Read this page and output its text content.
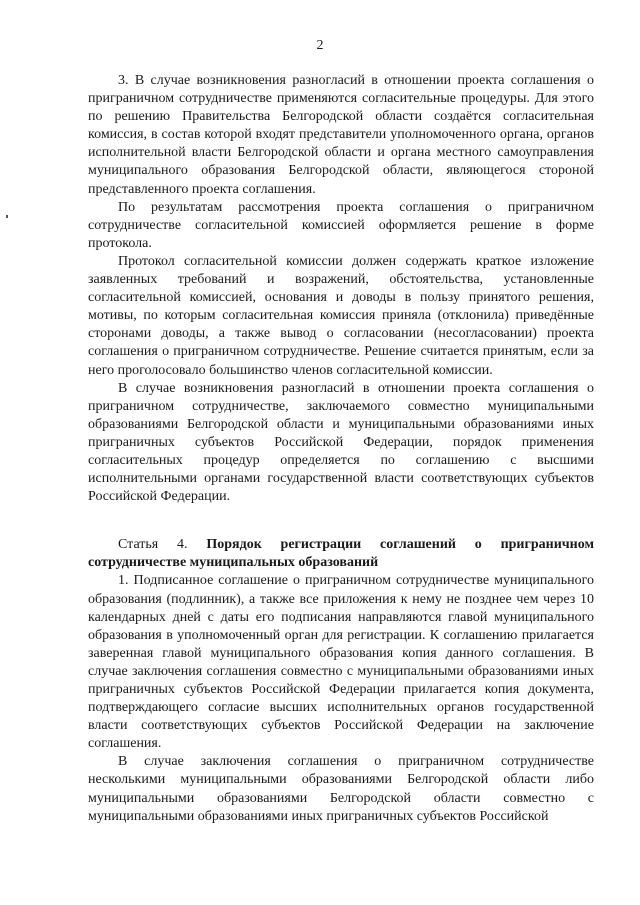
2

3. В случае возникновения разногласий в отношении проекта соглашения о приграничном сотрудничестве применяются согласительные процедуры. Для этого по решению Правительства Белгородской области создаётся согласительная комиссия, в состав которой входят представители уполномоченного органа, органов исполнительной власти Белгородской области и органа местного самоуправления муниципального образования Белгородской области, являющегося стороной представленного проекта соглашения.

По результатам рассмотрения проекта соглашения о приграничном сотрудничестве согласительной комиссией оформляется решение в форме протокола.

Протокол согласительной комиссии должен содержать краткое изложение заявленных требований и возражений, обстоятельства, установленные согласительной комиссией, основания и доводы в пользу принятого решения, мотивы, по которым согласительная комиссия приняла (отклонила) приведённые сторонами доводы, а также вывод о согласовании (несогласовании) проекта соглашения о приграничном сотрудничестве. Решение считается принятым, если за него проголосовало большинство членов согласительной комиссии.

В случае возникновения разногласий в отношении проекта соглашения о приграничном сотрудничестве, заключаемого совместно муниципальными образованиями Белгородской области и муниципальными образованиями иных приграничных субъектов Российской Федерации, порядок применения согласительных процедур определяется по соглашению с высшими исполнительными органами государственной власти соответствующих субъектов Российской Федерации.

Статья 4. Порядок регистрации соглашений о приграничном сотрудничестве муниципальных образований

1. Подписанное соглашение о приграничном сотрудничестве муниципального образования (подлинник), а также все приложения к нему не позднее чем через 10 календарных дней с даты его подписания направляются главой муниципального образования в уполномоченный орган для регистрации. К соглашению прилагается заверенная главой муниципального образования копия данного соглашения. В случае заключения соглашения совместно с муниципальными образованиями иных приграничных субъектов Российской Федерации прилагается копия документа, подтверждающего согласие высших исполнительных органов государственной власти соответствующих субъектов Российской Федерации на заключение соглашения.

В случае заключения соглашения о приграничном сотрудничестве несколькими муниципальными образованиями Белгородской области либо муниципальными образованиями Белгородской области совместно с муниципальными образованиями иных приграничных субъектов Российской
